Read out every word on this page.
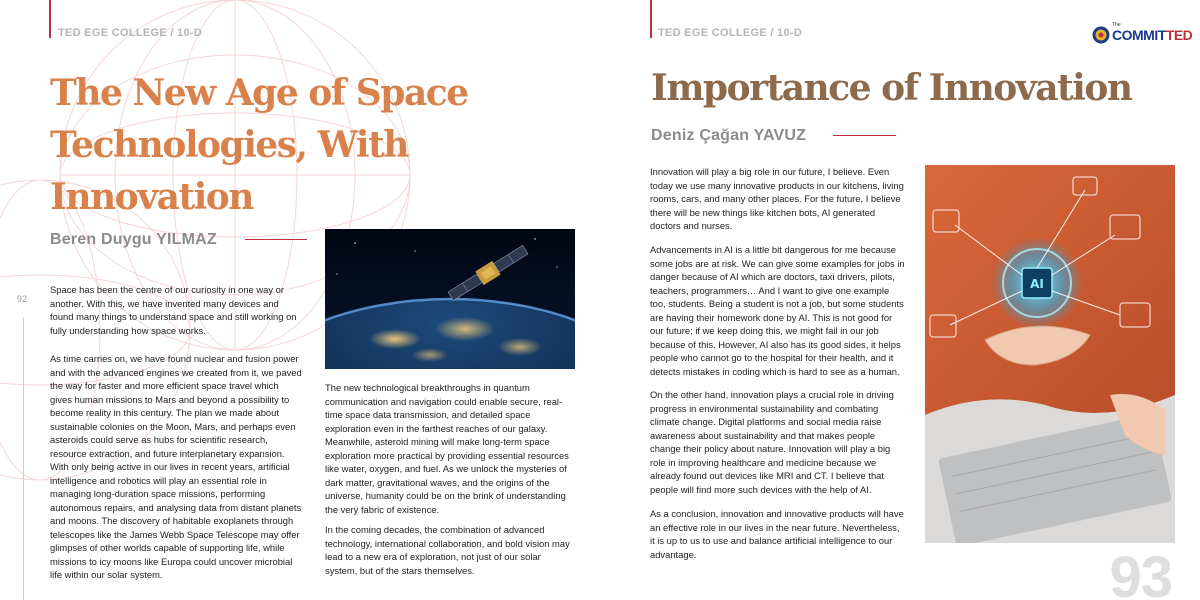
TED EGE COLLEGE / 10-D
92
The New Age of Space
Technologies, With
Innovation
Beren Duygu YILMAZ

Space has been the centre of our curiosity in one way or another. With this, we have invented many devices and found many things to understand space and still working on fully understanding how space works.

As time carries on, we have found nuclear and fusion power and with the advanced engines we created from it, we paved the way for faster and more efficient space travel which gives human missions to Mars and beyond a possibility to become reality in this century. The plan we made about sustainable colonies on the Moon, Mars, and perhaps even asteroids could serve as hubs for scientific research, resource extraction, and future interplanetary expansion. With only being active in our lives in recent years, artificial intelligence and robotics will play an essential role in managing long-duration space missions, performing autonomous repairs, and analysing data from distant planets and moons. The discovery of habitable exoplanets through telescopes like the James Webb Space Telescope may offer glimpses of other worlds capable of supporting life, while missions to icy moons like Europa could uncover microbial life within our solar system.

The new technological breakthroughs in quantum communication and navigation could enable secure, real-time space data transmission, and detailed space exploration even in the farthest reaches of our galaxy. Meanwhile, asteroid mining will make long-term space exploration more practical by providing essential resources like water, oxygen, and fuel. As we unlock the mysteries of dark matter, gravitational waves, and the origins of the universe, humanity could be on the brink of understanding the very fabric of existence.

In the coming decades, the combination of advanced technology, international collaboration, and bold vision may lead to a new era of exploration, not just of our solar system, but of the stars themselves.

TED EGE COLLEGE / 10-D
The
COMMITTED
Importance of Innovation
Deniz Çağan YAVUZ

Innovation will play a big role in our future, I believe. Even today we use many innovative products in our kitchens, living rooms, cars, and many other places. For the future, I believe there will be new things like kitchen bots, AI generated doctors and nurses.

Advancements in AI is a little bit dangerous for me because some jobs are at risk. We can give some examples for jobs in danger because of AI which are doctors, taxi drivers, pilots, teachers, programmers… And I want to give one example too, students. Being a student is not a job, but some students are having their homework done by AI. This is not good for our future; if we keep doing this, we might fail in our job because of this. However, AI also has its good sides, it helps people who cannot go to the hospital for their health, and it detects mistakes in coding which is hard to see as a human.

On the other hand, innovation plays a crucial role in driving progress in environmental sustainability and combating climate change. Digital platforms and social media raise awareness about sustainability and that makes people change their policy about nature. Innovation will play a big role in improving healthcare and medicine because we already found out devices like MRI and CT. I believe that people will find more such devices with the help of AI.

As a conclusion, innovation and innovative products will have an effective role in our lives in the near future. Nevertheless, it is up to us to use and balance artificial intelligence to our advantage.

AI
93
